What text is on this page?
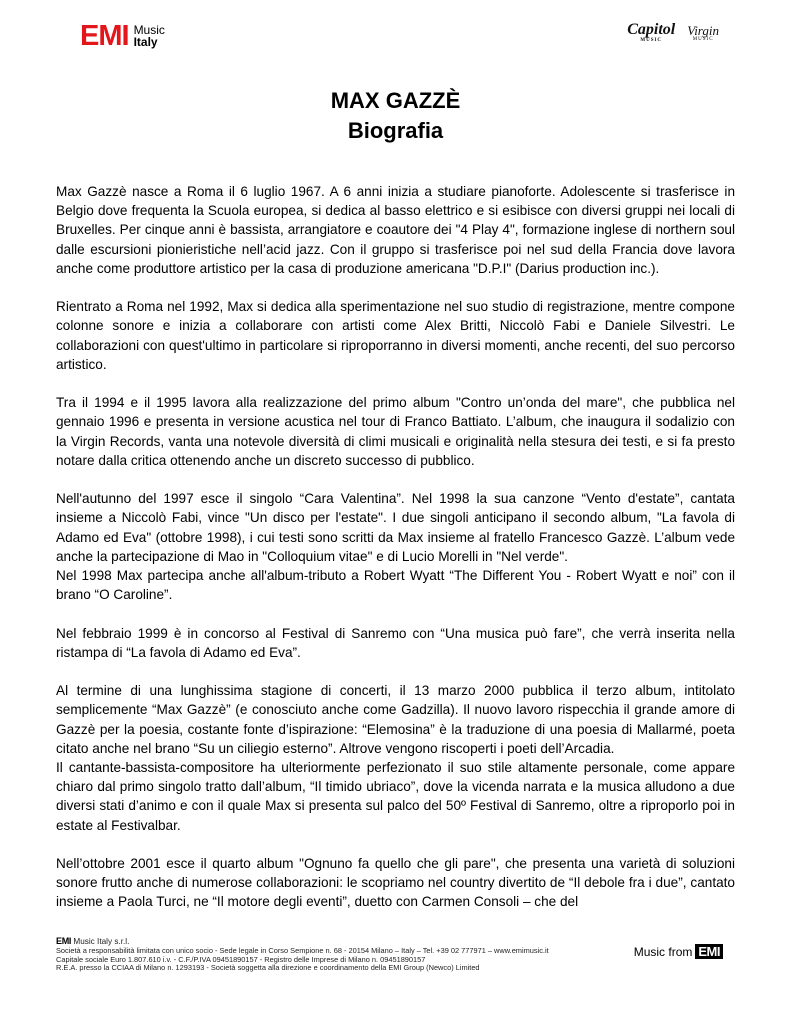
EMI Music
Italy
Capitol
MUSIC
Virgin
MUSIC
MAX GAZZÈ
Biografia

Max Gazzè nasce a Roma il 6 luglio 1967. A 6 anni inizia a studiare pianoforte. Adolescente si trasferisce in Belgio dove frequenta la Scuola europea, si dedica al basso elettrico e si esibisce con diversi gruppi nei locali di Bruxelles. Per cinque anni è bassista, arrangiatore e coautore dei "4 Play 4", formazione inglese di northern soul dalle escursioni pionieristiche nell’acid jazz. Con il gruppo si trasferisce poi nel sud della Francia dove lavora anche come produttore artistico per la casa di produzione americana "D.P.I" (Darius production inc.).

Rientrato a Roma nel 1992, Max si dedica alla sperimentazione nel suo studio di registrazione, mentre compone colonne sonore e inizia a collaborare con artisti come Alex Britti, Niccolò Fabi e Daniele Silvestri. Le collaborazioni con quest'ultimo in particolare si riproporranno in diversi momenti, anche recenti, del suo percorso artistico.

Tra il 1994 e il 1995 lavora alla realizzazione del primo album "Contro un’onda del mare", che pubblica nel gennaio 1996 e presenta in versione acustica nel tour di Franco Battiato. L’album, che inaugura il sodalizio con la Virgin Records, vanta una notevole diversità di climi musicali e originalità nella stesura dei testi, e si fa presto notare dalla critica ottenendo anche un discreto successo di pubblico.

Nell'autunno del 1997 esce il singolo “Cara Valentina”. Nel 1998 la sua canzone “Vento d'estate”, cantata insieme a Niccolò Fabi, vince "Un disco per l'estate". I due singoli anticipano il secondo album, "La favola di Adamo ed Eva" (ottobre 1998), i cui testi sono scritti da Max insieme al fratello Francesco Gazzè. L’album vede anche la partecipazione di Mao in "Colloquium vitae" e di Lucio Morelli in "Nel verde".
Nel 1998 Max partecipa anche all'album-tributo a Robert Wyatt “The Different You - Robert Wyatt e noi” con il brano “O Caroline”.

Nel febbraio 1999 è in concorso al Festival di Sanremo con “Una musica può fare”, che verrà inserita nella ristampa di “La favola di Adamo ed Eva”.

Al termine di una lunghissima stagione di concerti, il 13 marzo 2000 pubblica il terzo album, intitolato semplicemente “Max Gazzè” (e conosciuto anche come Gadzilla). Il nuovo lavoro rispecchia il grande amore di Gazzè per la poesia, costante fonte d’ispirazione: “Elemosina” è la traduzione di una poesia di Mallarmé, poeta citato anche nel brano “Su un ciliegio esterno”. Altrove vengono riscoperti i poeti dell’Arcadia.
Il cantante-bassista-compositore ha ulteriormente perfezionato il suo stile altamente personale, come appare chiaro dal primo singolo tratto dall’album, “Il timido ubriaco”, dove la vicenda narrata e la musica alludono a due diversi stati d’animo e con il quale Max si presenta sul palco del 50º Festival di Sanremo, oltre a riproporlo poi in estate al Festivalbar.

Nell’ottobre 2001 esce il quarto album "Ognuno fa quello che gli pare", che presenta una varietà di soluzioni sonore frutto anche di numerose collaborazioni: le scopriamo nel country divertito de “Il debole fra i due”, cantato insieme a Paola Turci, ne “Il motore degli eventi”, duetto con Carmen Consoli – che del

EMI Music Italy s.r.l.
Società a responsabilità limitata con unico socio - Sede legale in Corso Sempione n. 68 - 20154 Milano – Italy – Tel. +39 02 777971 – www.emimusic.it
Capitale sociale Euro 1.807.610 i.v. - C.F./P.IVA 09451890157 - Registro delle Imprese di Milano n. 09451890157
R.E.A. presso la CCIAA di Milano n. 1293193 - Società soggetta alla direzione e coordinamento della EMI Group (Newco) Limited
Music from EMI
